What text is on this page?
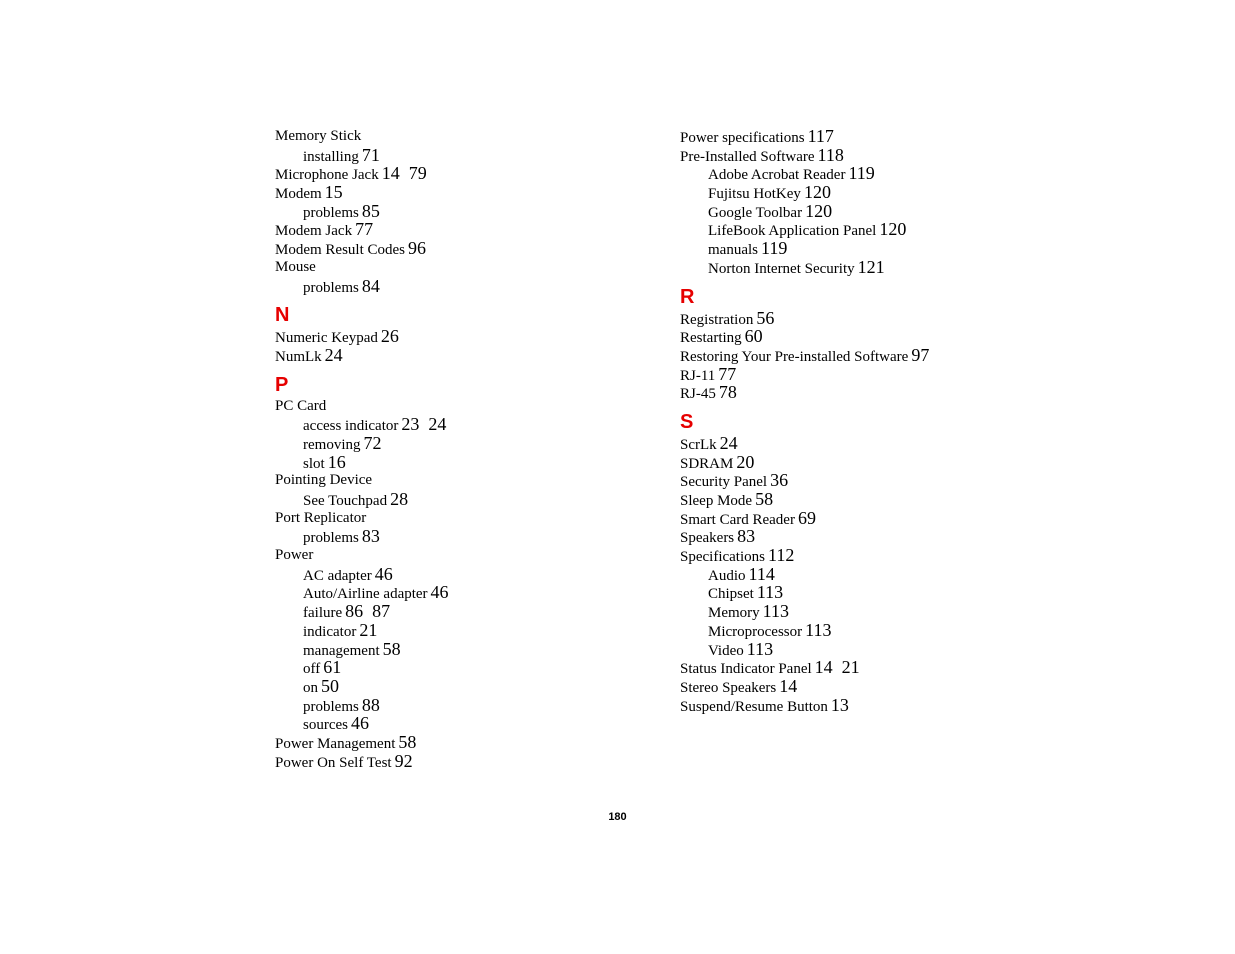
Memory Stick
installing 71
Microphone Jack 14  79
Modem 15
problems 85
Modem Jack 77
Modem Result Codes 96
Mouse
problems 84
N
Numeric Keypad 26
NumLk 24
P
PC Card
access indicator 23  24
removing 72
slot 16
Pointing Device
See Touchpad 28
Port Replicator
problems 83
Power
AC adapter 46
Auto/Airline adapter 46
failure 86  87
indicator 21
management 58
off 61
on 50
problems 88
sources 46
Power Management 58
Power On Self Test 92
Power specifications 117
Pre-Installed Software 118
Adobe Acrobat Reader 119
Fujitsu HotKey 120
Google Toolbar 120
LifeBook Application Panel 120
manuals 119
Norton Internet Security 121
R
Registration 56
Restarting 60
Restoring Your Pre-installed Software 97
RJ-11 77
RJ-45 78
S
ScrLk 24
SDRAM 20
Security Panel 36
Sleep Mode 58
Smart Card Reader 69
Speakers 83
Specifications 112
Audio 114
Chipset 113
Memory 113
Microprocessor 113
Video 113
Status Indicator Panel 14  21
Stereo Speakers 14
Suspend/Resume Button 13
180
